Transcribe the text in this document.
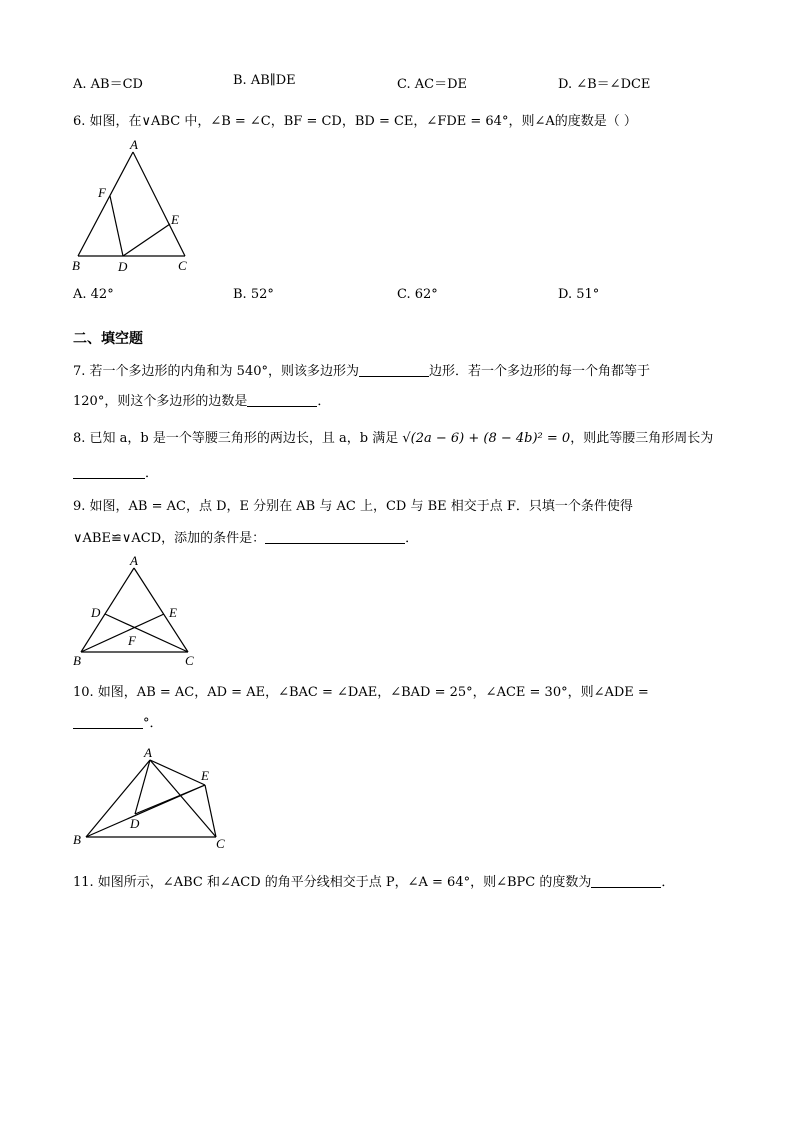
A. AB＝CD	B. AB∥DE	C. AC＝DE	D. ∠B＝∠DCE
6. 如图，在∨ABC 中，∠B = ∠C，BF = CD，BD = CE，∠FDE = 64°，则∠A的度数是（ ）
A
B	C
D
E
F
A. 42°	B. 52°	C. 62°	D. 51°
二、填空题
7. 若一个多边形的内角和为 540°，则该多边形为	边形．若一个多边形的每一个角都等于
120°，则这个多边形的边数是	．
8. 已知 a，b 是一个等腰三角形的两边长，且 a，b 满足 √(2a − 6) + (8 − 4b)² = 0，则此等腰三角形周长为
．
9. 如图，AB = AC，点 D，E 分别在 AB 与 AC 上，CD 与 BE 相交于点 F．只填一个条件使得
∨ABE≌∨ACD，添加的条件是：	．
A
B	C
D	E
F
10. 如图，AB = AC，AD = AE，∠BAC = ∠DAE，∠BAD = 25°，∠ACE = 30°，则∠ADE =
°．
A
B	C
D
E
11. 如图所示，∠ABC 和∠ACD 的角平分线相交于点 P，∠A = 64°，则∠BPC 的度数为	．
